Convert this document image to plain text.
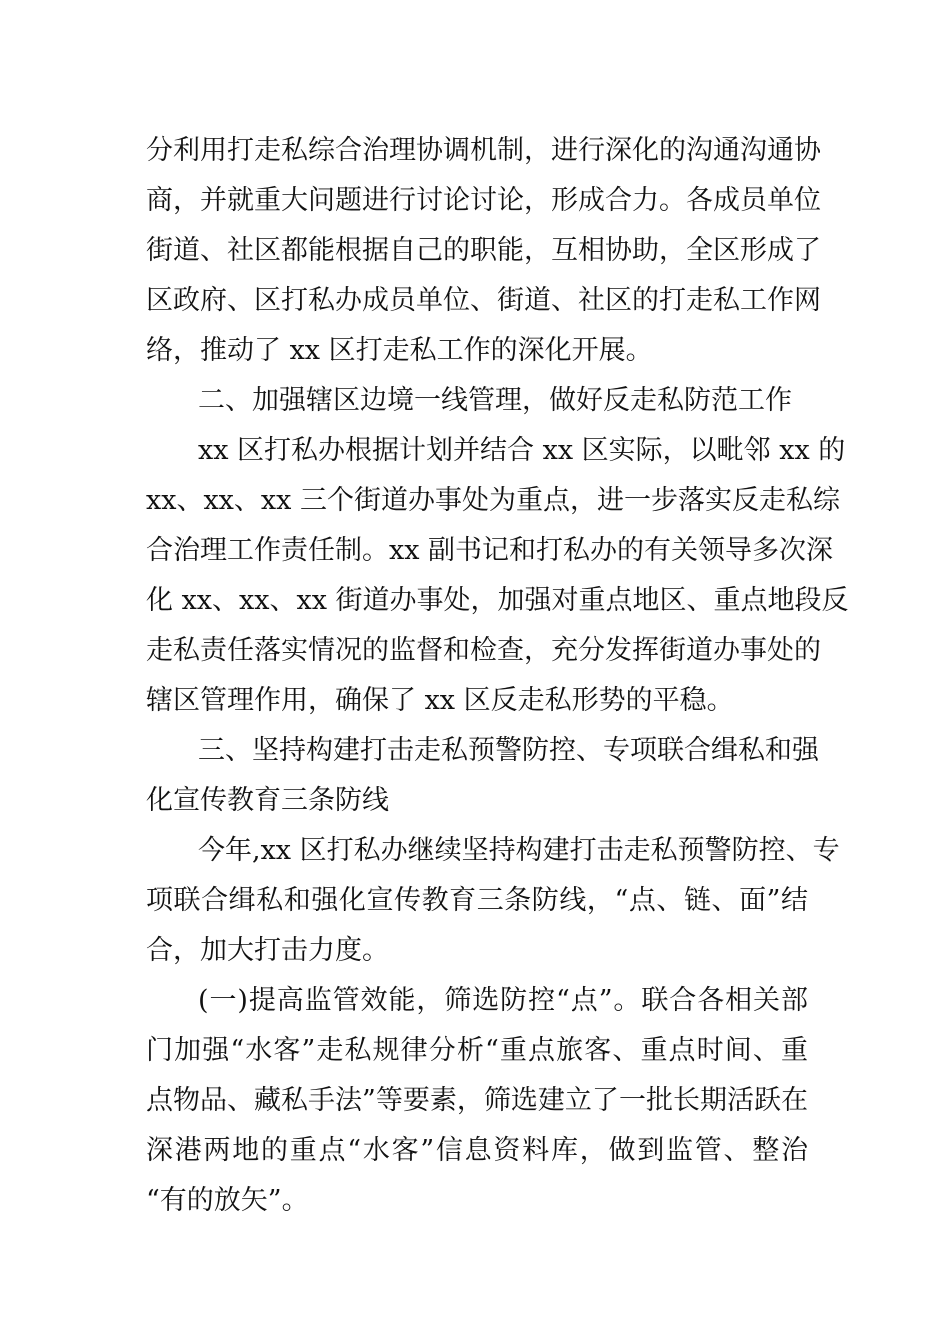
分利用打走私综合治理协调机制，进行深化的沟通沟通协
商，并就重大问题进行讨论讨论，形成合力。各成员单位
街道、社区都能根据自己的职能，互相协助，全区形成了
区政府、区打私办成员单位、街道、社区的打走私工作网
络，推动了 xx 区打走私工作的深化开展。
二、加强辖区边境一线管理，做好反走私防范工作
xx 区打私办根据计划并结合 xx 区实际，以毗邻 xx 的
xx、xx、xx 三个街道办事处为重点，进一步落实反走私综
合治理工作责任制。xx 副书记和打私办的有关领导多次深
化 xx、xx、xx 街道办事处，加强对重点地区、重点地段反
走私责任落实情况的监督和检查，充分发挥街道办事处的
辖区管理作用，确保了 xx 区反走私形势的平稳。
三、坚持构建打击走私预警防控、专项联合缉私和强
化宣传教育三条防线
今年,xx 区打私办继续坚持构建打击走私预警防控、专
项联合缉私和强化宣传教育三条防线，“点、链、面”结
合，加大打击力度。
(一)提高监管效能，筛选防控“点”。联合各相关部
门加强“水客”走私规律分析“重点旅客、重点时间、重
点物品、藏私手法”等要素，筛选建立了一批长期活跃在
深港两地的重点“水客”信息资料库，做到监管、整治
“有的放矢”。
